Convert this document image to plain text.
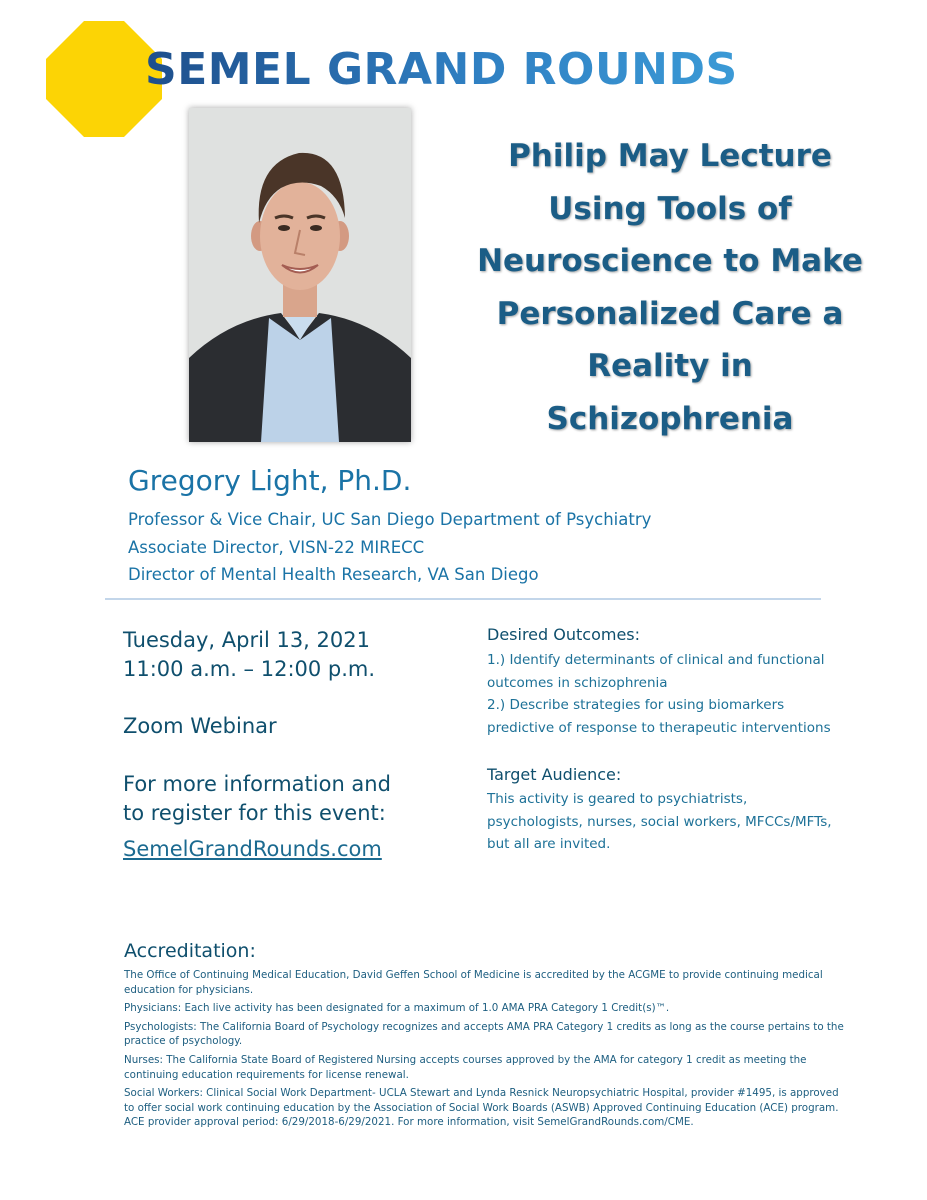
SEMEL GRAND ROUNDS
Philip May Lecture
Using Tools of
Neuroscience to Make
Personalized Care a
Reality in
Schizophrenia
Gregory Light, Ph.D.
Professor & Vice Chair, UC San Diego Department of Psychiatry
Associate Director, VISN-22 MIRECC
Director of Mental Health Research, VA San Diego
Tuesday, April 13, 2021
11:00 a.m. – 12:00 p.m.
Zoom Webinar
For more information and
to register for this event:
SemelGrandRounds.com
Desired Outcomes:
1.) Identify determinants of clinical and functional
outcomes in schizophrenia
2.) Describe strategies for using biomarkers
predictive of response to therapeutic interventions
Target Audience:
This activity is geared to psychiatrists,
psychologists, nurses, social workers, MFCCs/MFTs,
but all are invited.
Accreditation:

The Office of Continuing Medical Education, David Geffen School of Medicine is accredited by the ACGME to provide continuing medical education for physicians.

Physicians: Each live activity has been designated for a maximum of 1.0 AMA PRA Category 1 Credit(s)™.

Psychologists: The California Board of Psychology recognizes and accepts AMA PRA Category 1 credits as long as the course pertains to the practice of psychology.

Nurses: The California State Board of Registered Nursing accepts courses approved by the AMA for category 1 credit as meeting the continuing education requirements for license renewal.

Social Workers: Clinical Social Work Department- UCLA Stewart and Lynda Resnick Neuropsychiatric Hospital, provider #1495, is approved to offer social work continuing education by the Association of Social Work Boards (ASWB) Approved Continuing Education (ACE) program. ACE provider approval period: 6/29/2018-6/29/2021. For more information, visit SemelGrandRounds.com/CME.
